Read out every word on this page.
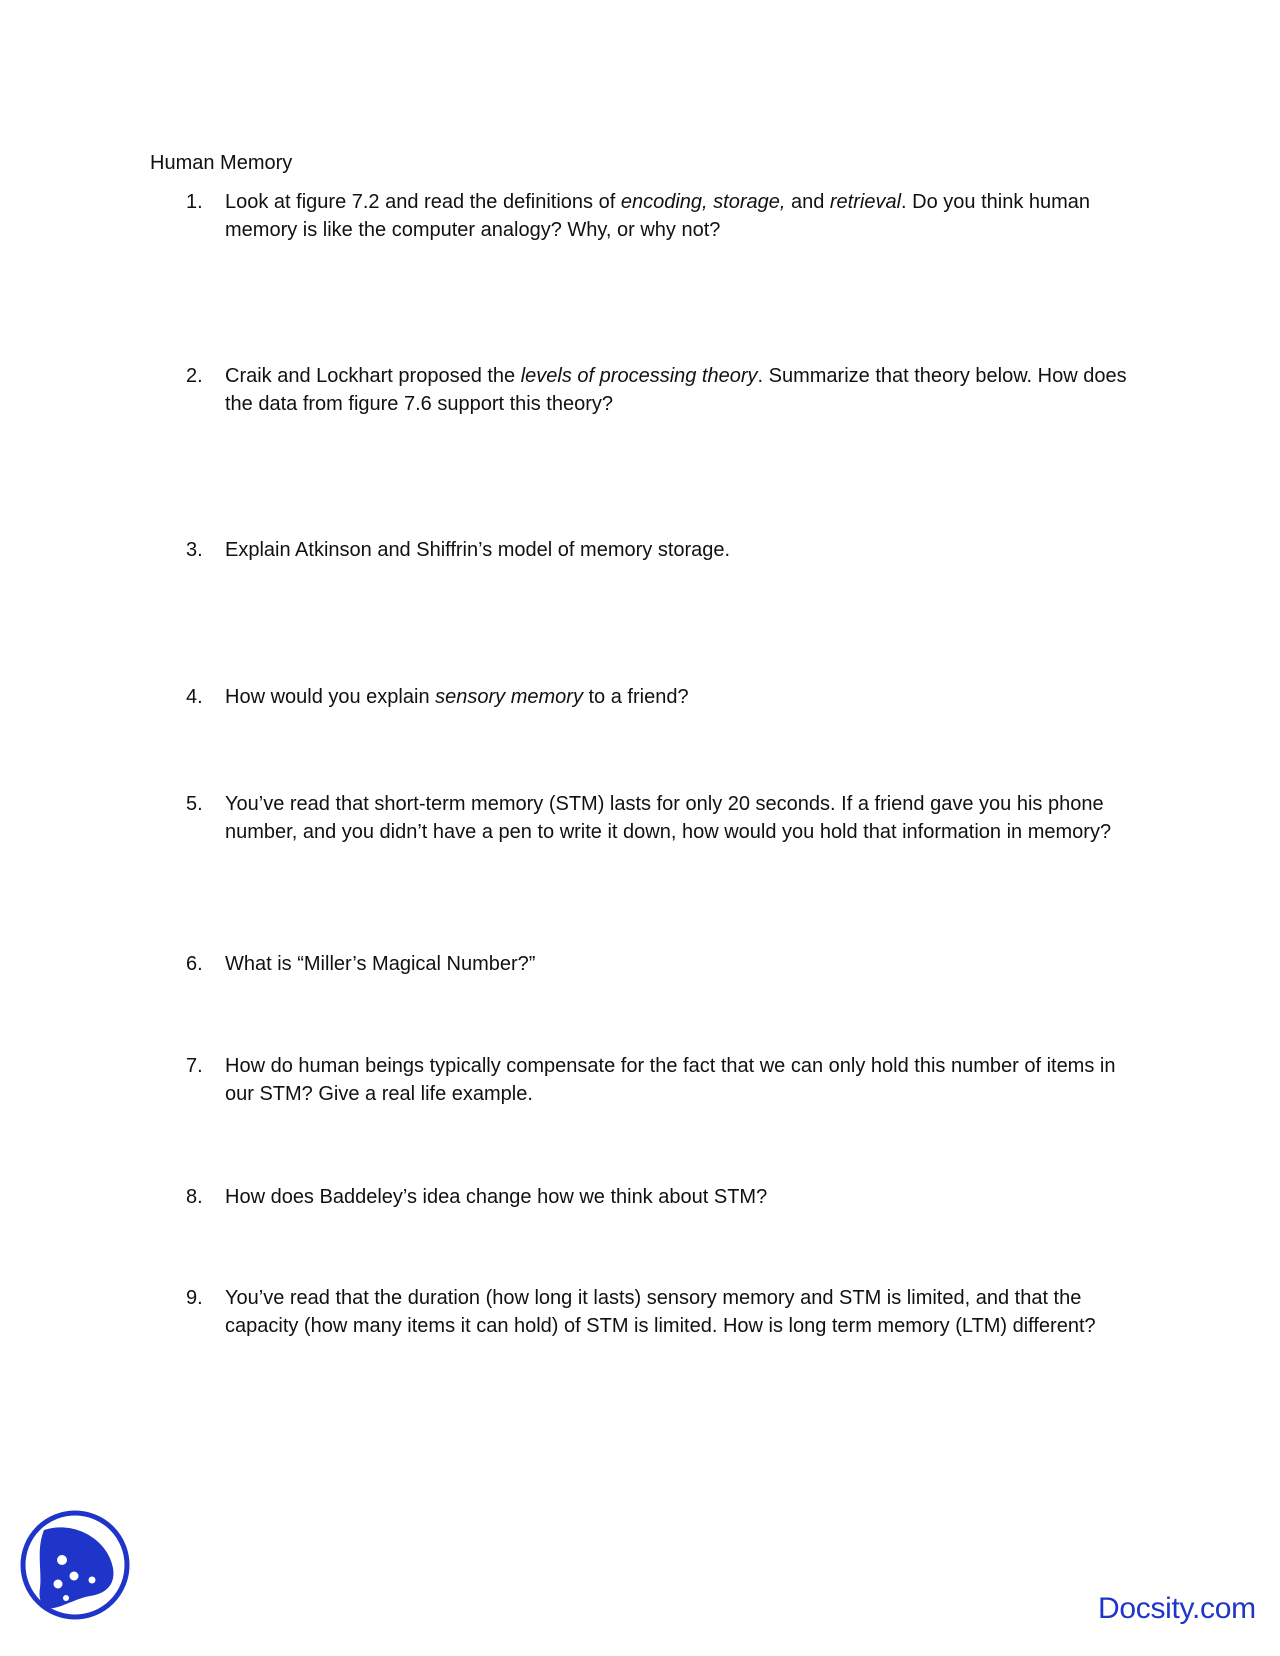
Human Memory
1. Look at figure 7.2 and read the definitions of encoding, storage, and retrieval. Do you think human memory is like the computer analogy? Why, or why not?
2. Craik and Lockhart proposed the levels of processing theory. Summarize that theory below. How does the data from figure 7.6 support this theory?
3. Explain Atkinson and Shiffrin’s model of memory storage.
4. How would you explain sensory memory to a friend?
5. You’ve read that short-term memory (STM) lasts for only 20 seconds. If a friend gave you his phone number, and you didn’t have a pen to write it down, how would you hold that information in memory?
6. What is “Miller’s Magical Number?”
7. How do human beings typically compensate for the fact that we can only hold this number of items in our STM? Give a real life example.
8. How does Baddeley’s idea change how we think about STM?
9. You’ve read that the duration (how long it lasts) sensory memory and STM is limited, and that the capacity (how many items it can hold) of STM is limited. How is long term memory (LTM) different?
Docsity.com
